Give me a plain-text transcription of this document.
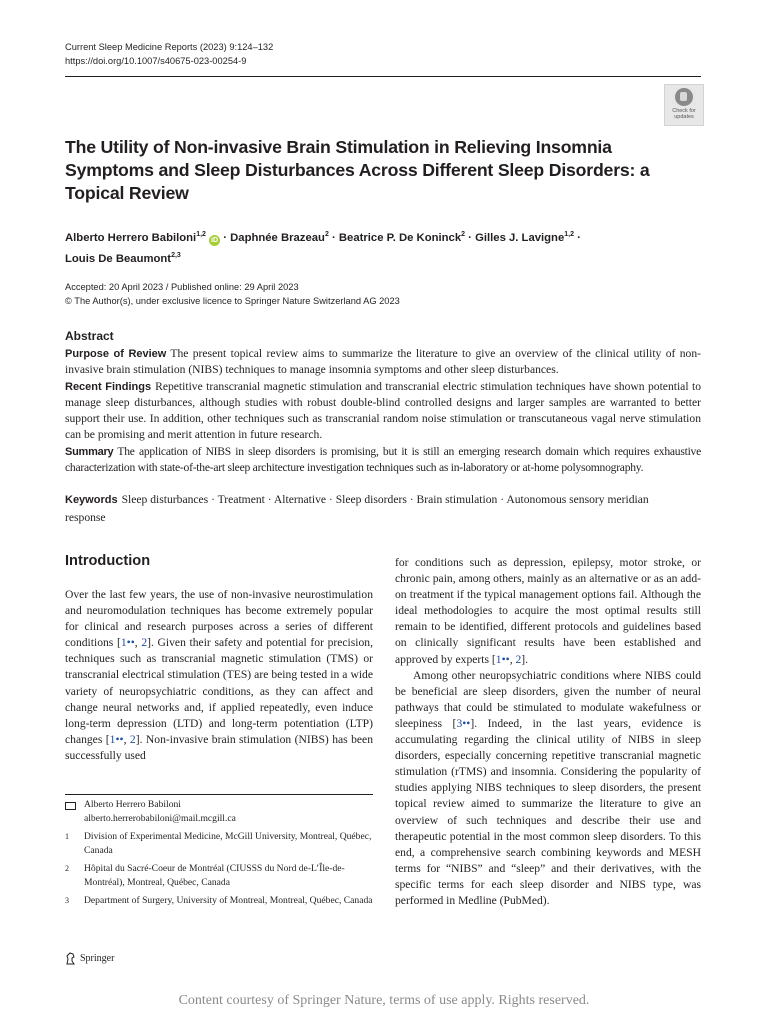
Current Sleep Medicine Reports (2023) 9:124–132
https://doi.org/10.1007/s40675-023-00254-9
Check for
updates
The Utility of Non-invasive Brain Stimulation in Relieving Insomnia Symptoms and Sleep Disturbances Across Different Sleep Disorders: a Topical Review
Alberto Herrero Babiloni$^{1,2}$ iD · Daphnée Brazeau$^2$ · Beatrice P. De Koninck$^2$ · Gilles J. Lavigne$^{1,2}$ ·
Louis De Beaumont$^{2,3}$
Accepted: 20 April 2023 / Published online: 29 April 2023
© The Author(s), under exclusive licence to Springer Nature Switzerland AG 2023
Abstract

Purpose of Review The present topical review aims to summarize the literature to give an overview of the clinical utility of non-invasive brain stimulation (NIBS) techniques to manage insomnia symptoms and other sleep disturbances.

Recent Findings Repetitive transcranial magnetic stimulation and transcranial electric stimulation techniques have shown potential to manage sleep disturbances, although studies with robust double-blind controlled designs and larger samples are warranted to better support their use. In addition, other techniques such as transcranial random noise stimulation or transcutaneous vagal nerve stimulation can be promising and merit attention in future research.

Summary The application of NIBS in sleep disorders is promising, but it is still an emerging research domain which requires exhaustive characterization with state-of-the-art sleep architecture investigation techniques such as in-laboratory or at-home polysomnography.

Keywords Sleep disturbances · Treatment · Alternative · Sleep disorders · Brain stimulation · Autonomous sensory meridian response
Introduction

Over the last few years, the use of non-invasive neurostimulation and neuromodulation techniques has become extremely popular for clinical and research purposes across a series of different conditions [1••, 2]. Given their safety and potential for precision, techniques such as transcranial magnetic stimulation (TMS) or transcranial electrical stimulation (TES) are being tested in a wide variety of neuropsychiatric conditions, as they can affect and change neural networks and, if applied repeatedly, even induce long-term depression (LTD) and long-term potentiation (LTP) changes [1••, 2]. Non-invasive brain stimulation (NIBS) has been successfully used

for conditions such as depression, epilepsy, motor stroke, or chronic pain, among others, mainly as an alternative or as an add-on treatment if the typical management options fail. Although the ideal methodologies to acquire the most optimal results still remain to be identified, different protocols and guidelines based on clinically significant results have been established and approved by experts [1••, 2].

Among other neuropsychiatric conditions where NIBS could be beneficial are sleep disorders, given the number of neural pathways that could be stimulated to modulate wakefulness or sleepiness [3••]. Indeed, in the last years, evidence is accumulating regarding the clinical utility of NIBS in sleep disorders, especially concerning repetitive transcranial magnetic stimulation (rTMS) and insomnia. Considering the popularity of studies applying NIBS techniques to sleep disorders, the present topical review aimed to summarize the literature to give an overview of such techniques and describe their use and therapeutic potential in the most common sleep disorders. To this end, a comprehensive search combining keywords and MESH terms for “NIBS” and “sleep” and their derivatives, with the specific terms for each sleep disorder and NIBS type, was performed in Medline (PubMed).

Alberto Herrero Babiloni
alberto.herrerobabiloni@mail.mcgill.ca
1	Division of Experimental Medicine, McGill University, Montreal, Québec, Canada
2	Hôpital du Sacré-Coeur de Montréal (CIUSSS du Nord de-L’Île-de-Montréal), Montreal, Québec, Canada
3	Department of Surgery, University of Montreal, Montreal, Québec, Canada
Springer
Content courtesy of Springer Nature, terms of use apply. Rights reserved.
